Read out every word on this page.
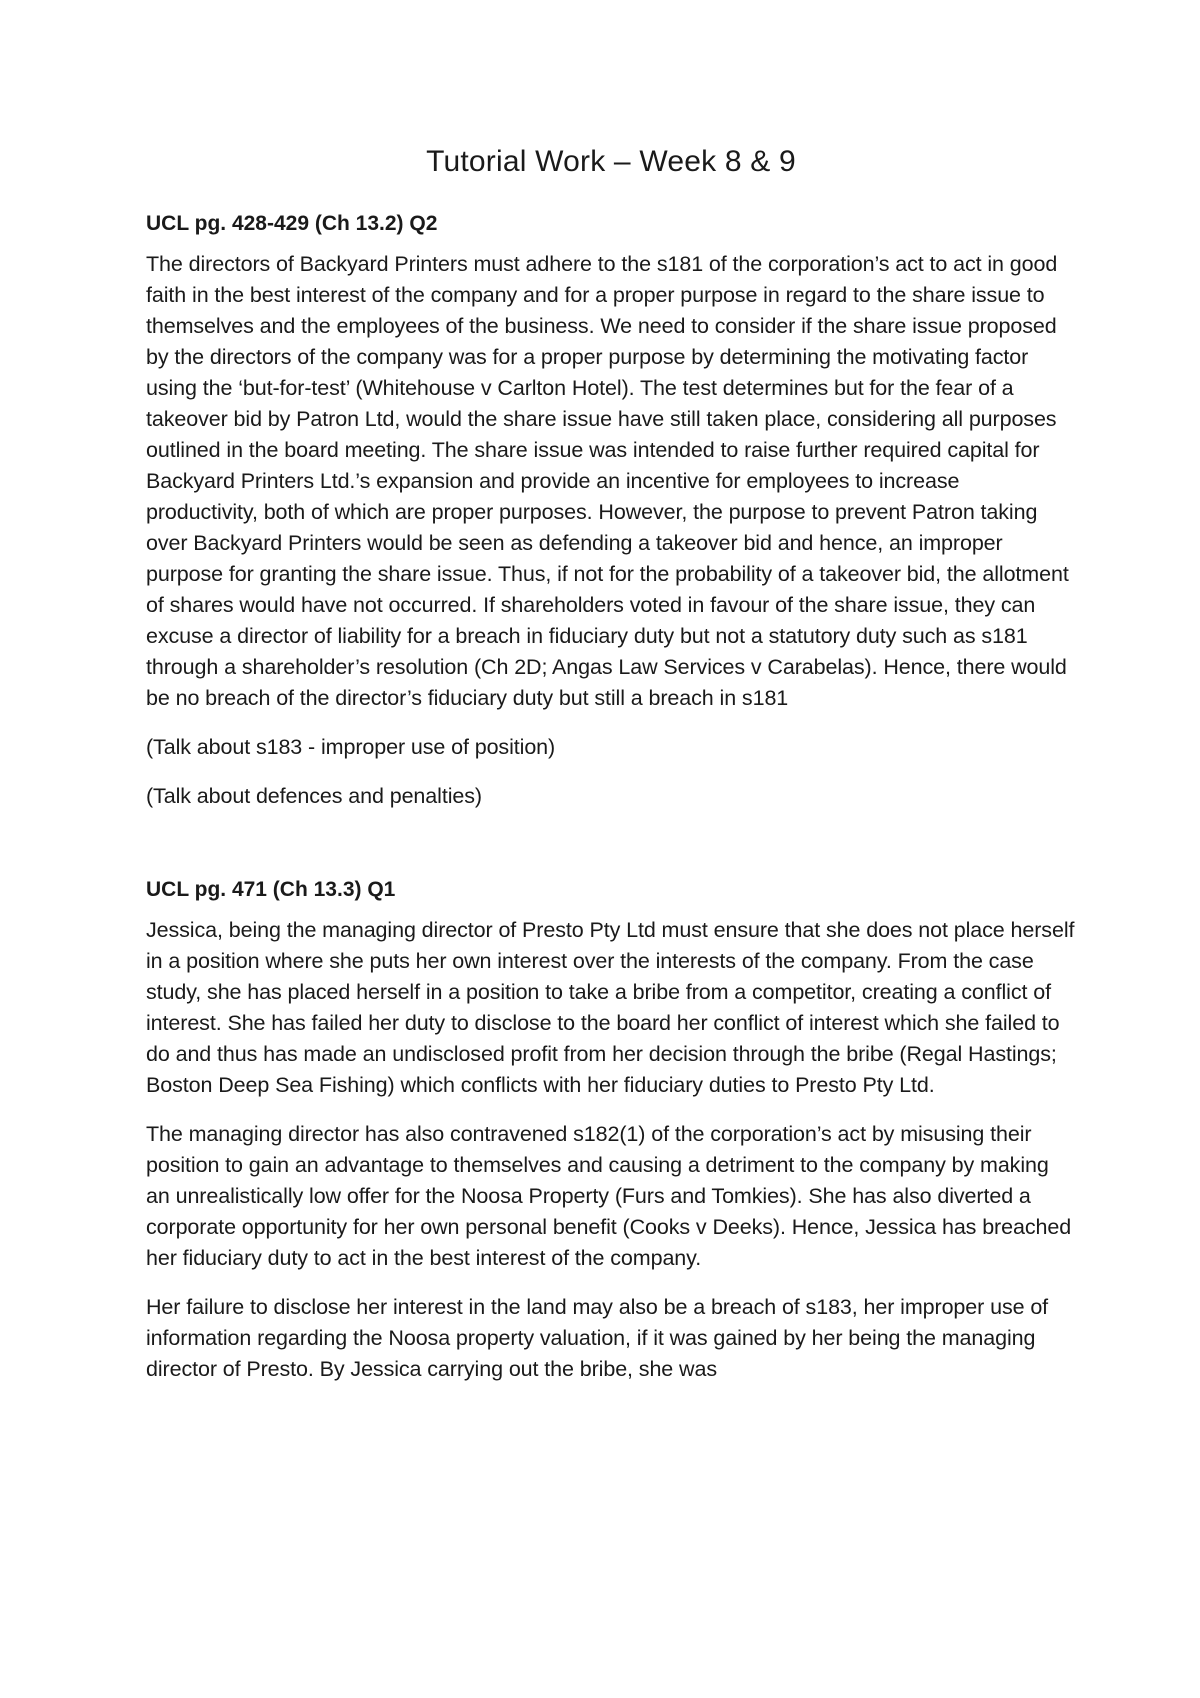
Tutorial Work – Week 8 & 9
UCL pg. 428-429 (Ch 13.2) Q2

The directors of Backyard Printers must adhere to the s181 of the corporation’s act to act in good faith in the best interest of the company and for a proper purpose in regard to the share issue to themselves and the employees of the business. We need to consider if the share issue proposed by the directors of the company was for a proper purpose by determining the motivating factor using the ‘but-for-test’ (Whitehouse v Carlton Hotel). The test determines but for the fear of a takeover bid by Patron Ltd, would the share issue have still taken place, considering all purposes outlined in the board meeting. The share issue was intended to raise further required capital for Backyard Printers Ltd.’s expansion and provide an incentive for employees to increase productivity, both of which are proper purposes. However, the purpose to prevent Patron taking over Backyard Printers would be seen as defending a takeover bid and hence, an improper purpose for granting the share issue. Thus, if not for the probability of a takeover bid, the allotment of shares would have not occurred. If shareholders voted in favour of the share issue, they can excuse a director of liability for a breach in fiduciary duty but not a statutory duty such as s181 through a shareholder’s resolution (Ch 2D; Angas Law Services v Carabelas). Hence, there would be no breach of the director’s fiduciary duty but still a breach in s181

(Talk about s183 - improper use of position)

(Talk about defences and penalties)

UCL pg. 471 (Ch 13.3) Q1

Jessica, being the managing director of Presto Pty Ltd must ensure that she does not place herself in a position where she puts her own interest over the interests of the company. From the case study, she has placed herself in a position to take a bribe from a competitor, creating a conflict of interest. She has failed her duty to disclose to the board her conflict of interest which she failed to do and thus has made an undisclosed profit from her decision through the bribe (Regal Hastings; Boston Deep Sea Fishing) which conflicts with her fiduciary duties to Presto Pty Ltd.

The managing director has also contravened s182(1) of the corporation’s act by misusing their position to gain an advantage to themselves and causing a detriment to the company by making an unrealistically low offer for the Noosa Property (Furs and Tomkies). She has also diverted a corporate opportunity for her own personal benefit (Cooks v Deeks). Hence, Jessica has breached her fiduciary duty to act in the best interest of the company.

Her failure to disclose her interest in the land may also be a breach of s183, her improper use of information regarding the Noosa property valuation, if it was gained by her being the managing director of Presto. By Jessica carrying out the bribe, she was
